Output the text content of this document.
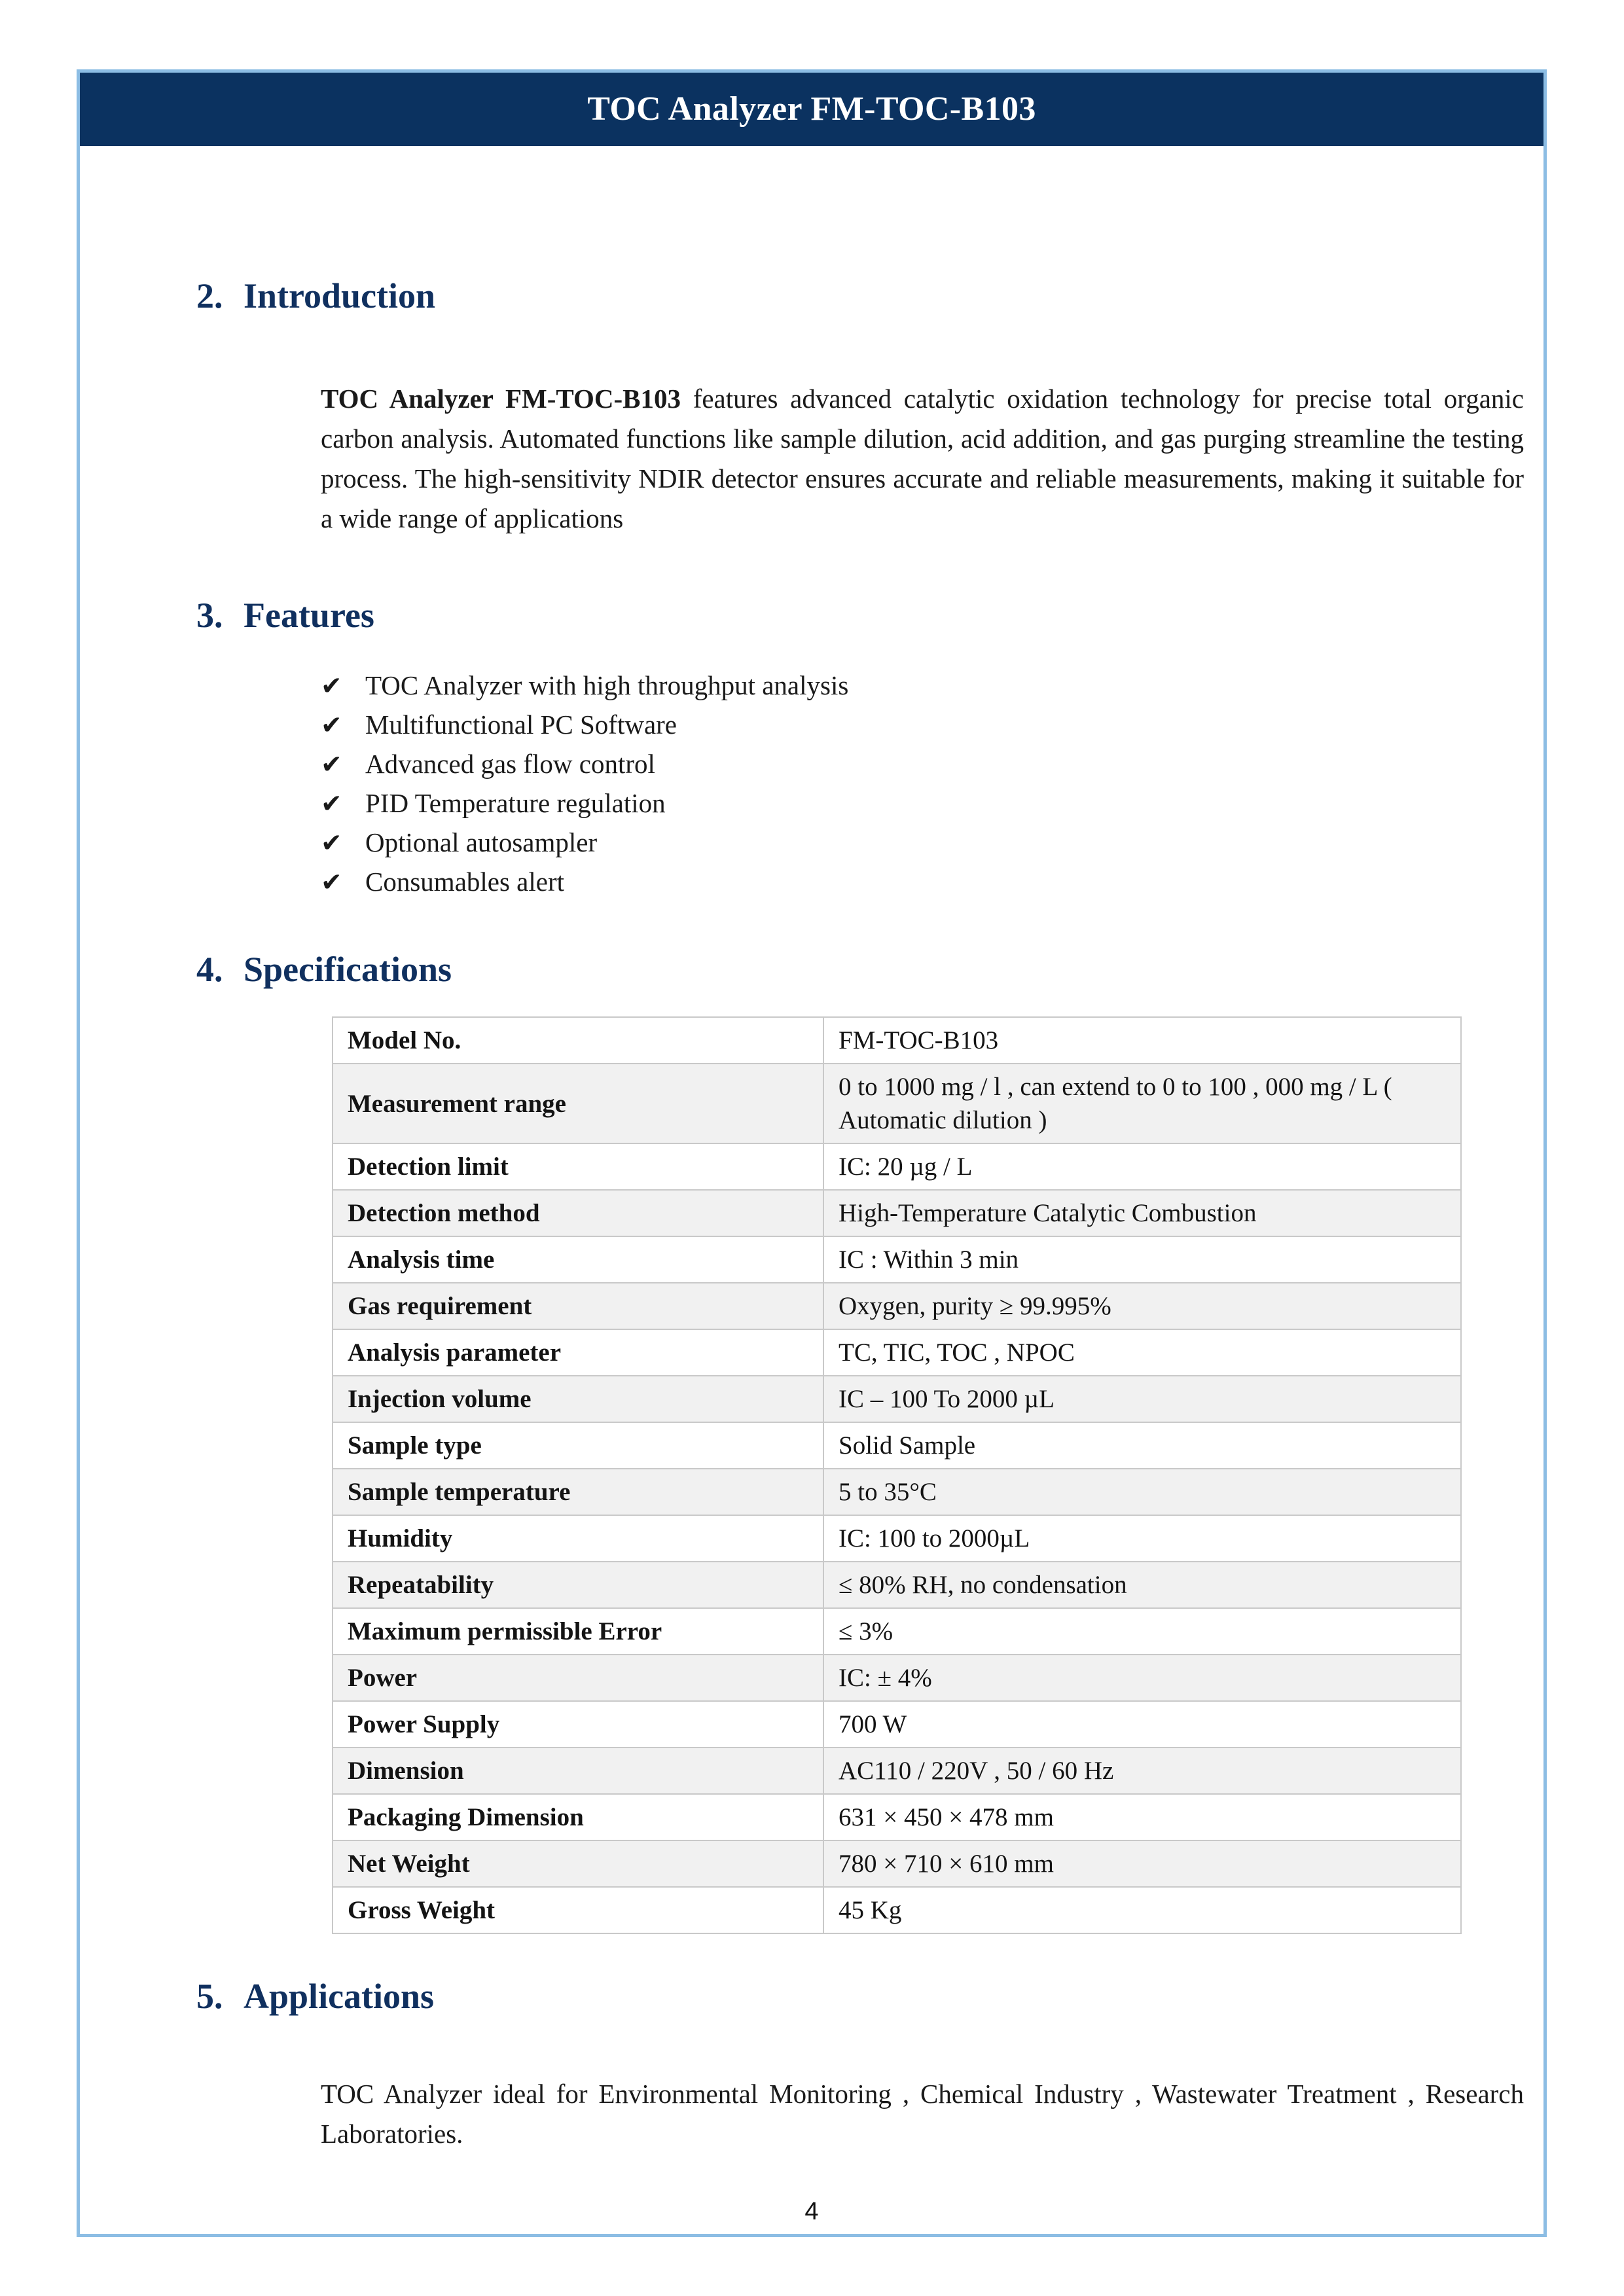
TOC Analyzer FM-TOC-B103
2. Introduction

TOC Analyzer FM-TOC-B103 features advanced catalytic oxidation technology for precise total organic carbon analysis. Automated functions like sample dilution, acid addition, and gas purging streamline the testing process. The high-sensitivity NDIR detector ensures accurate and reliable measurements, making it suitable for a wide range of applications

3. Features
✔ TOC Analyzer with high throughput analysis
✔ Multifunctional PC Software
✔ Advanced gas flow control
✔ PID Temperature regulation
✔ Optional autosampler
✔ Consumables alert
4. Specifications
Model No.	FM-TOC-B103
Measurement range	0 to 1000 mg / l , can extend to 0 to 100 , 000 mg / L ( Automatic dilution )
Detection limit	IC: 20 µg / L
Detection method	High-Temperature Catalytic Combustion
Analysis time	IC : Within 3 min
Gas requirement	Oxygen, purity ≥ 99.995%
Analysis parameter	TC, TIC, TOC , NPOC
Injection volume	IC – 100 To 2000 µL
Sample type	Solid Sample
Sample temperature	5 to 35°C
Humidity	IC: 100 to 2000µL
Repeatability	≤ 80% RH, no condensation
Maximum permissible Error	≤ 3%
Power	IC: ± 4%
Power Supply	700 W
Dimension	AC110 / 220V , 50 / 60 Hz
Packaging Dimension	631 × 450 × 478 mm
Net Weight	780 × 710 × 610 mm
Gross Weight	45 Kg
5. Applications

TOC Analyzer ideal for Environmental Monitoring , Chemical Industry , Wastewater Treatment , Research Laboratories.

4
